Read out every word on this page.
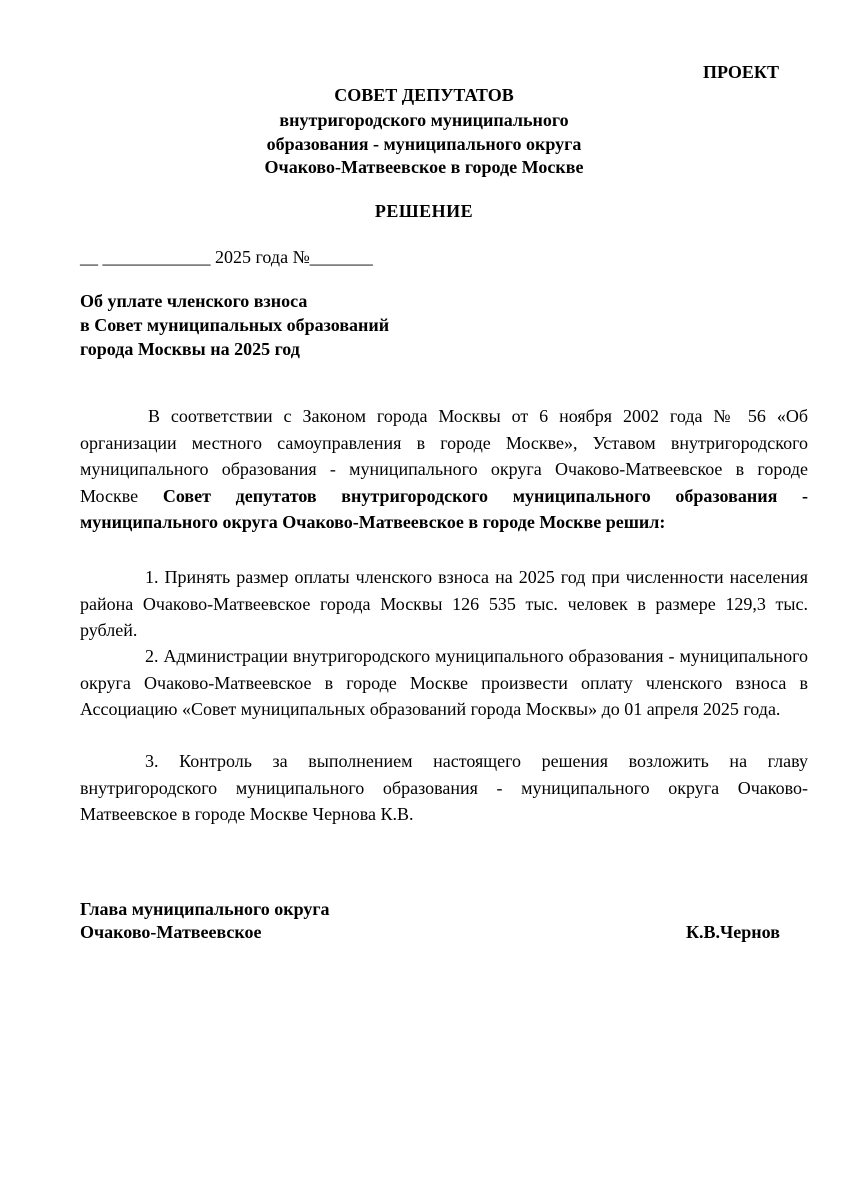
ПРОЕКТ
СОВЕТ ДЕПУТАТОВ
внутригородского муниципального
образования - муниципального округа
Очаково-Матвеевское в городе Москве
РЕШЕНИЕ
__ ____________ 2025 года №_______
Об уплате членского взноса
в Совет муниципальных образований
города Москвы на 2025 год

В соответствии с Законом города Москвы от 6 ноября 2002 года № 56 «Об организации местного самоуправления в городе Москве», Уставом внутригородского муниципального образования - муниципального округа Очаково-Матвеевское в городе Москве Совет депутатов внутригородского муниципального образования - муниципального округа Очаково-Матвеевское в городе Москве решил:

1. Принять размер оплаты членского взноса на 2025 год при численности населения района Очаково-Матвеевское города Москвы 126 535 тыс. человек в размере 129,3 тыс. рублей.

2. Администрации внутригородского муниципального образования - муниципального округа Очаково-Матвеевское в городе Москве произвести оплату членского взноса в Ассоциацию «Совет муниципальных образований города Москвы» до 01 апреля 2025 года.

3. Контроль за выполнением настоящего решения возложить на главу внутригородского муниципального образования - муниципального округа Очаково-Матвеевское в городе Москве Чернова К.В.

Глава муниципального округа
Очаково-Матвеевское	К.В.Чернов
